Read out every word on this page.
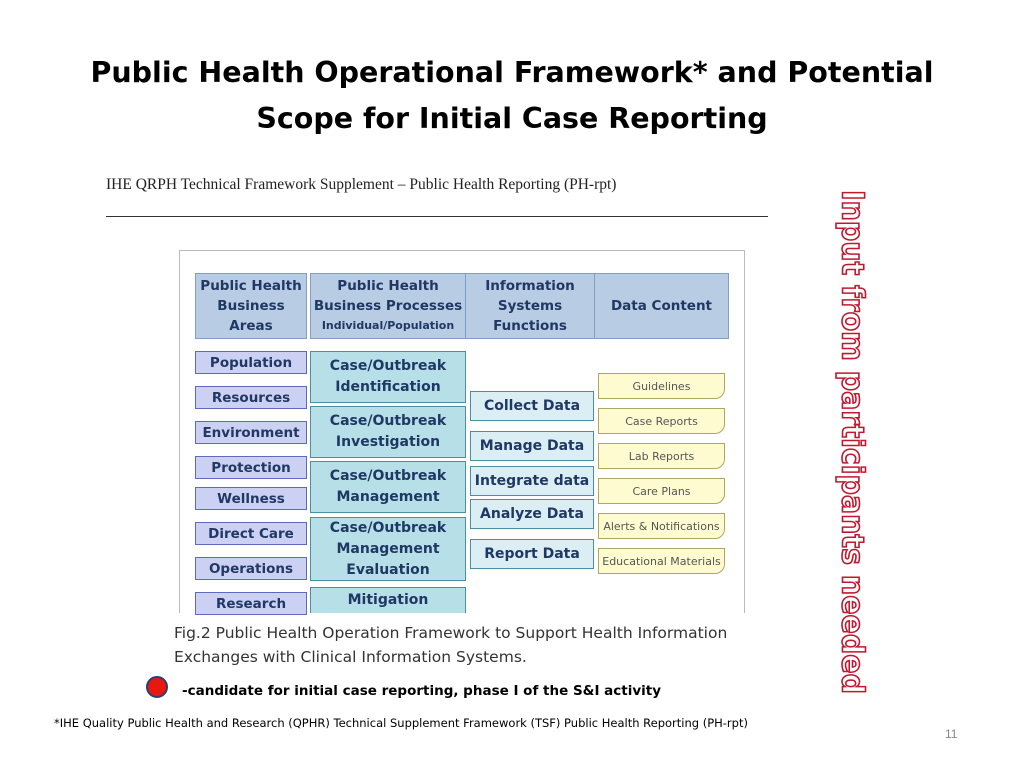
Public Health Operational Framework* and Potential
Scope for Initial Case Reporting
IHE QRPH Technical Framework Supplement – Public Health Reporting (PH-rpt)
Public Health Business Areas
Public Health Business Processes
Individual/Population
Information Systems Functions
Data Content
Population
Resources
Environment
Protection
Wellness
Direct Care
Operations
Research
Case/Outbreak Identification
Case/Outbreak Investigation
Case/Outbreak Management
Case/Outbreak Management Evaluation
Mitigation
Collect Data
Manage Data
Integrate data
Analyze Data
Report Data
Guidelines
Case Reports
Lab Reports
Care Plans
Alerts & Notifications
Educational Materials
Fig.2 Public Health Operation Framework to Support Health Information
Exchanges with Clinical Information Systems.	Input from participants needed
-candidate for initial case reporting, phase I of the S&I activity
*IHE Quality Public Health and Research (QPHR) Technical Supplement Framework (TSF) Public Health Reporting (PH-rpt)
11
